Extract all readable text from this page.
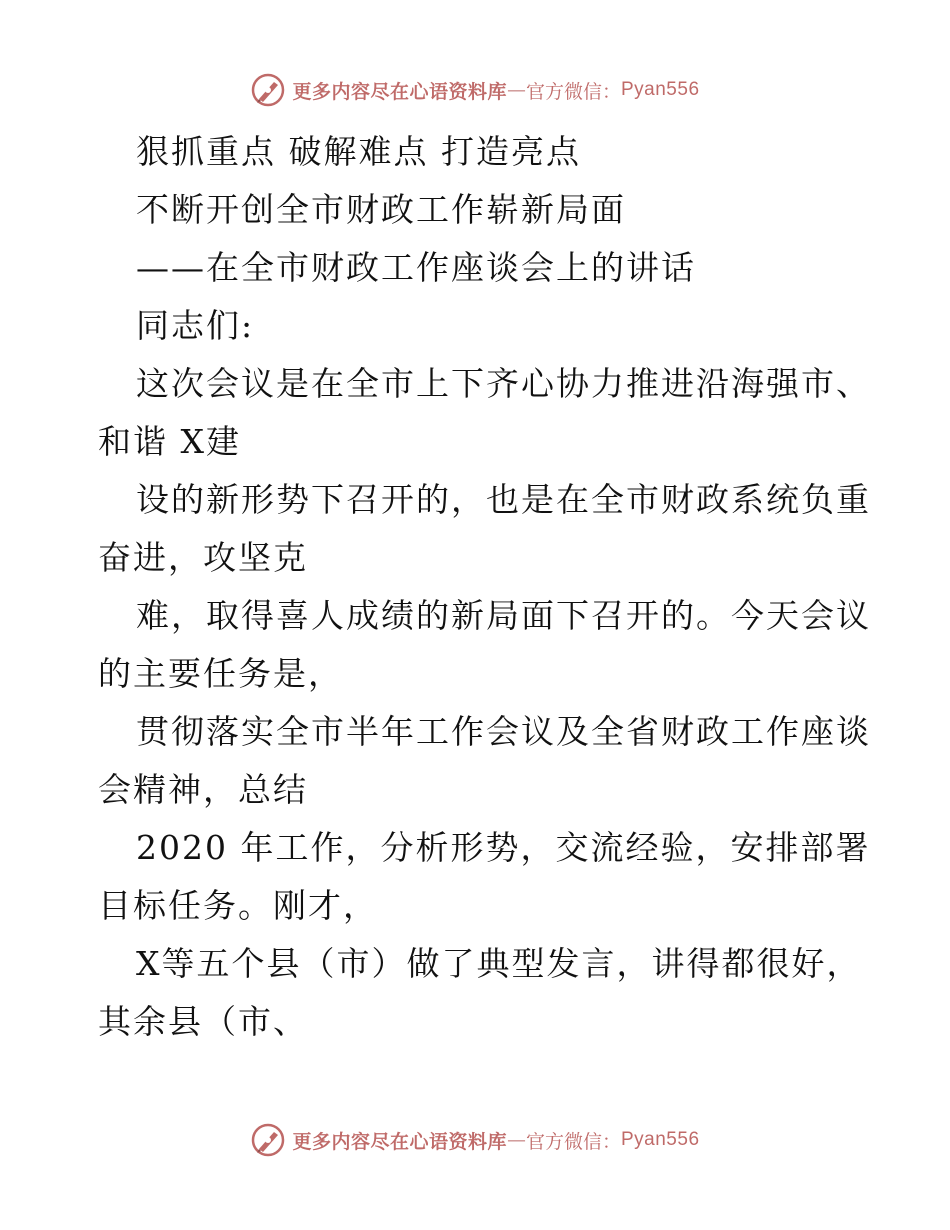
更多内容尽在心语资料库 — 官方微信： Pyan556
狠抓重点 破解难点 打造亮点
不断开创全市财政工作崭新局面
——在全市财政工作座谈会上的讲话
同志们:
这次会议是在全市上下齐心协力推进沿海强市、
和谐 X建
设的新形势下召开的，也是在全市财政系统负重
奋进，攻坚克
难，取得喜人成绩的新局面下召开的。今天会议
的主要任务是，
贯彻落实全市半年工作会议及全省财政工作座谈
会精神，总结
2020 年工作，分析形势，交流经验，安排部署
目标任务。刚才，
X等五个县（市）做了典型发言，讲得都很好，
其余县（市、
更多内容尽在心语资料库 — 官方微信： Pyan556
